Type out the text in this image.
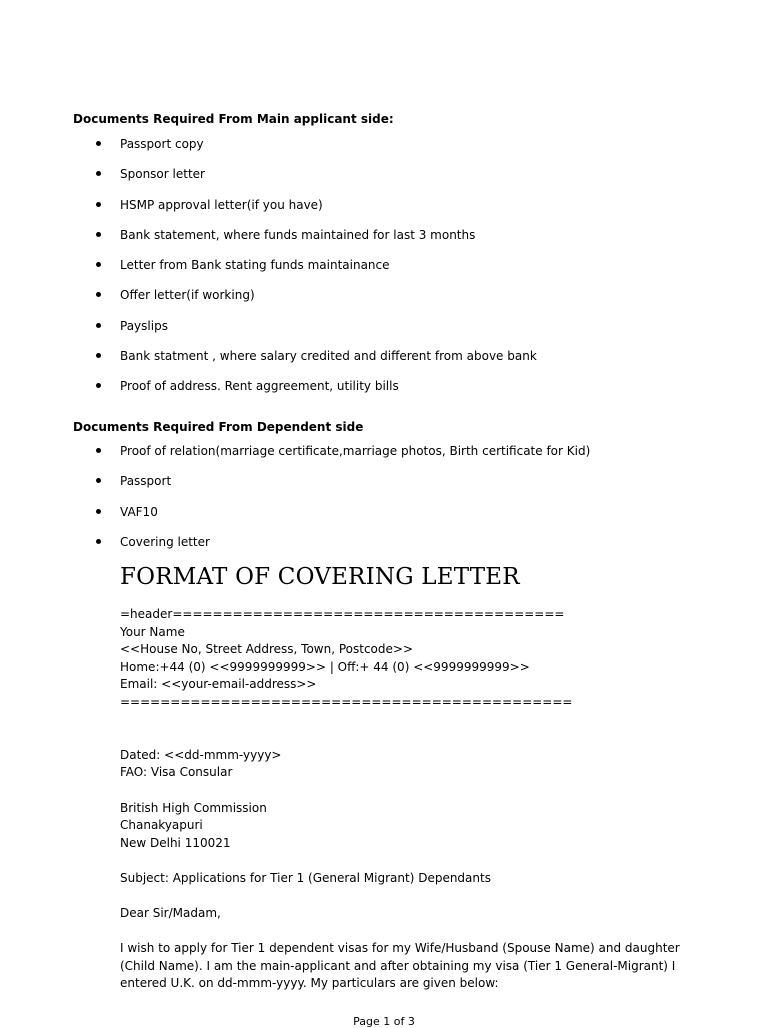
Documents Required From Main applicant side:
Passport copy
Sponsor letter
HSMP approval letter(if you have)
Bank statement, where funds maintained for last 3 months
Letter from Bank stating funds maintainance
Offer letter(if working)
Payslips
Bank statment , where salary credited and different from above bank
Proof of address. Rent aggreement, utility bills
Documents Required From Dependent side
Proof of relation(marriage certificate,marriage photos, Birth certificate for Kid)
Passport
VAF10
Covering letter
FORMAT OF COVERING LETTER
=header=======================================
Your Name
<<House No, Street Address, Town, Postcode>>
Home:+44 (0) <<9999999999>> | Off:+ 44 (0) <<9999999999>>
Email: <<your-email-address>>
=============================================
Dated: <<dd-mmm-yyyy>
FAO: Visa Consular
British High Commission
Chanakyapuri
New Delhi 110021
Subject: Applications for Tier 1 (General Migrant) Dependants
Dear Sir/Madam,
I wish to apply for Tier 1 dependent visas for my Wife/Husband (Spouse Name) and daughter
(Child Name). I am the main-applicant and after obtaining my visa (Tier 1 General-Migrant) I
entered U.K. on dd-mmm-yyyy. My particulars are given below:
Page 1 of 3
